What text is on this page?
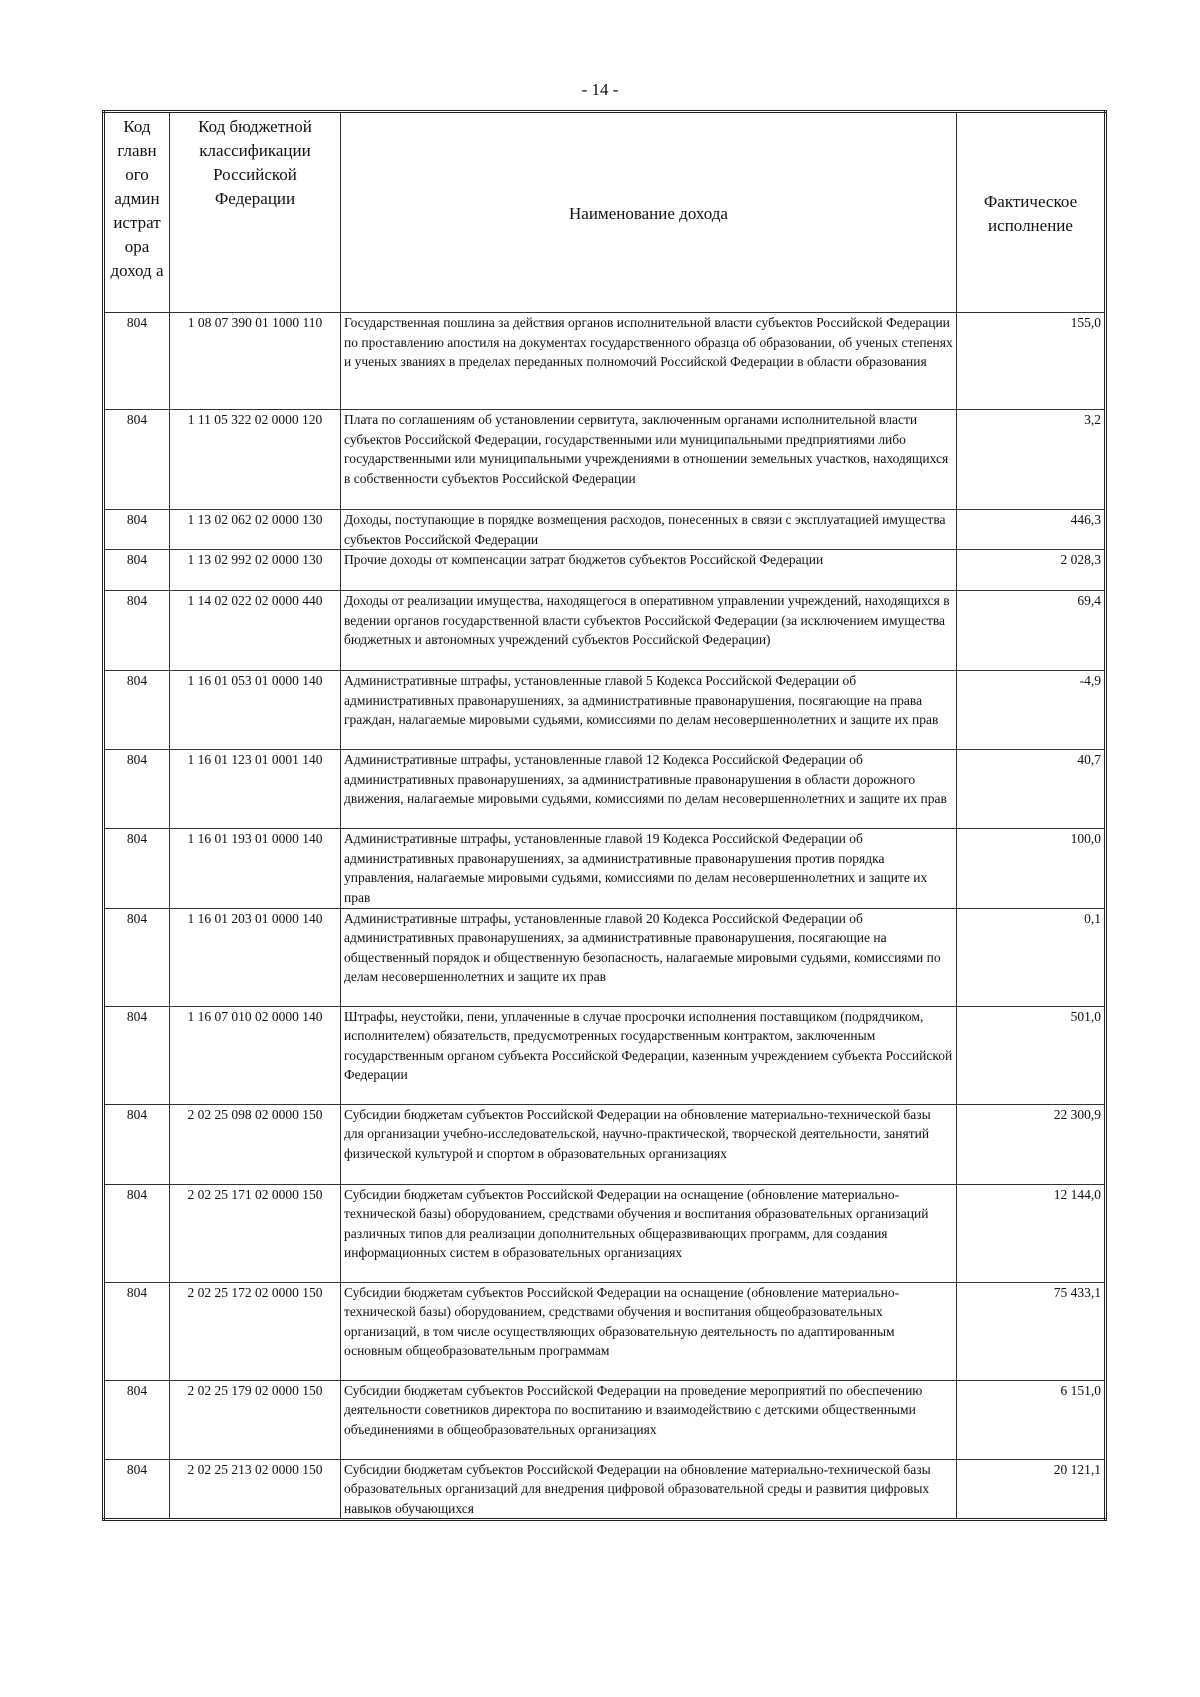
- 14 -
Код главн ого админ истрат ора доход а	Код бюджетной классификации Российской Федерации	Наименование дохода	Фактическое исполнение
804	1 08 07 390 01 1000 110	Государственная пошлина за действия органов исполнительной власти субъектов Российской Федерации по проставлению апостиля на документах государственного образца об образовании, об ученых степенях и ученых званиях в пределах переданных полномочий Российской Федерации в области образования	155,0
804	1 11 05 322 02 0000 120	Плата по соглашениям об установлении сервитута, заключенным органами исполнительной власти субъектов Российской Федерации, государственными или муниципальными предприятиями либо государственными или муниципальными учреждениями в отношении земельных участков, находящихся в собственности субъектов Российской Федерации	3,2
804	1 13 02 062 02 0000 130	Доходы, поступающие в порядке возмещения расходов, понесенных в связи с эксплуатацией имущества субъектов Российской Федерации	446,3
804	1 13 02 992 02 0000 130	Прочие доходы от компенсации затрат бюджетов субъектов Российской Федерации	2 028,3
804	1 14 02 022 02 0000 440	Доходы от реализации имущества, находящегося в оперативном управлении учреждений, находящихся в ведении органов государственной власти субъектов Российской Федерации (за исключением имущества бюджетных и автономных учреждений субъектов Российской Федерации)	69,4
804	1 16 01 053 01 0000 140	Административные штрафы, установленные главой 5 Кодекса Российской Федерации об административных правонарушениях, за административные правонарушения, посягающие на права граждан, налагаемые мировыми судьями, комиссиями по делам несовершеннолетних и защите их прав	-4,9
804	1 16 01 123 01 0001 140	Административные штрафы, установленные главой 12 Кодекса Российской Федерации об административных правонарушениях, за административные правонарушения в области дорожного движения, налагаемые мировыми судьями, комиссиями по делам несовершеннолетних и защите их прав	40,7
804	1 16 01 193 01 0000 140	Административные штрафы, установленные главой 19 Кодекса Российской Федерации об административных правонарушениях, за административные правонарушения против порядка управления, налагаемые мировыми судьями, комиссиями по делам несовершеннолетних и защите их прав	100,0
804	1 16 01 203 01 0000 140	Административные штрафы, установленные главой 20 Кодекса Российской Федерации об административных правонарушениях, за административные правонарушения, посягающие на общественный порядок и общественную безопасность, налагаемые мировыми судьями, комиссиями по делам несовершеннолетних и защите их прав	0,1
804	1 16 07 010 02 0000 140	Штрафы, неустойки, пени, уплаченные в случае просрочки исполнения поставщиком (подрядчиком, исполнителем) обязательств, предусмотренных государственным контрактом, заключенным государственным органом субъекта Российской Федерации, казенным учреждением субъекта Российской Федерации	501,0
804	2 02 25 098 02 0000 150	Субсидии бюджетам субъектов Российской Федерации на обновление материально-технической базы для организации учебно-исследовательской, научно-практической, творческой деятельности, занятий физической культурой и спортом в образовательных организациях	22 300,9
804	2 02 25 171 02 0000 150	Субсидии бюджетам субъектов Российской Федерации на оснащение (обновление материально-технической базы) оборудованием, средствами обучения и воспитания образовательных организаций различных типов для реализации дополнительных общеразвивающих программ, для создания информационных систем в образовательных организациях	12 144,0
804	2 02 25 172 02 0000 150	Субсидии бюджетам субъектов Российской Федерации на оснащение (обновление материально-технической базы) оборудованием, средствами обучения и воспитания общеобразовательных организаций, в том числе осуществляющих образовательную деятельность по адаптированным основным общеобразовательным программам	75 433,1
804	2 02 25 179 02 0000 150	Субсидии бюджетам субъектов Российской Федерации на проведение мероприятий по обеспечению деятельности советников директора по воспитанию и взаимодействию с детскими общественными объединениями в общеобразовательных организациях	6 151,0
804	2 02 25 213 02 0000 150	Субсидии бюджетам субъектов Российской Федерации на обновление материально-технической базы образовательных организаций для внедрения цифровой образовательной среды и развития цифровых навыков обучающихся	20 121,1
